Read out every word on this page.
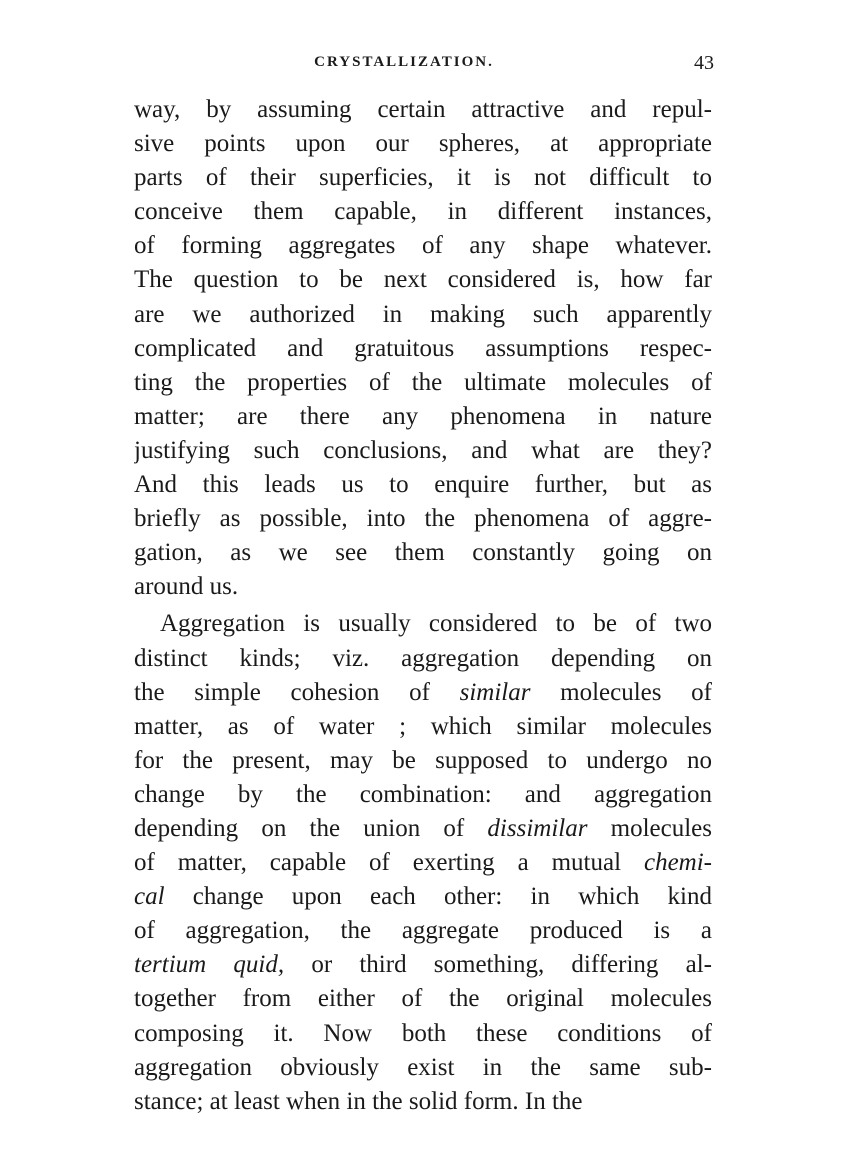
CRYSTALLIZATION.	43
way, by assuming certain attractive and repul-
sive points upon our spheres, at appropriate
parts of their superficies, it is not difficult to
conceive them capable, in different instances,
of forming aggregates of any shape whatever.
The question to be next considered is, how far
are we authorized in making such apparently
complicated and gratuitous assumptions respec-
ting the properties of the ultimate molecules of
matter; are there any phenomena in nature
justifying such conclusions, and what are they?
And this leads us to enquire further, but as
briefly as possible, into the phenomena of aggre-
gation, as we see them constantly going on
around us.
Aggregation is usually considered to be of two
distinct kinds; viz. aggregation depending on
the simple cohesion of similar molecules of
matter, as of water ; which similar molecules
for the present, may be supposed to undergo no
change by the combination: and aggregation
depending on the union of dissimilar molecules
of matter, capable of exerting a mutual chemi-
cal change upon each other: in which kind
of aggregation, the aggregate produced is a
tertium quid, or third something, differing al-
together from either of the original molecules
composing it. Now both these conditions of
aggregation obviously exist in the same sub-
stance; at least when in the solid form. In the
